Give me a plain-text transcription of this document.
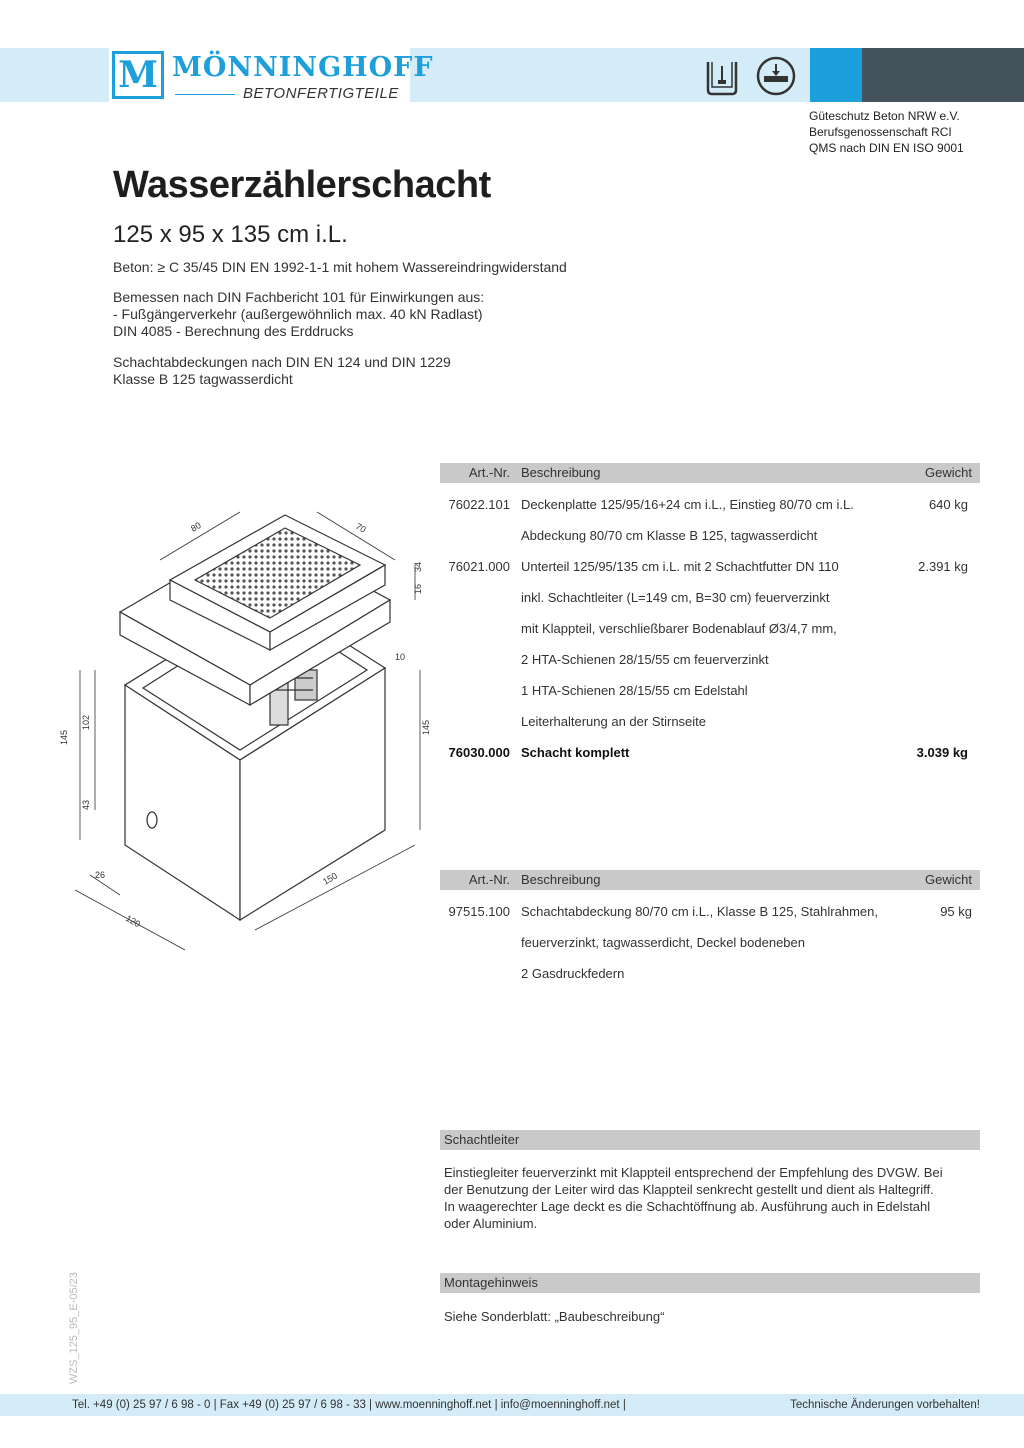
M MÖNNINGHOFF
BETONFERTIGTEILE
Güteschutz Beton NRW e.V.
Berufsgenossenschaft RCI
QMS nach DIN EN ISO 9001
Wasserzählerschacht
125 x 95 x 135 cm i.L.
Beton: ≥ C 35/45 DIN EN 1992-1-1 mit hohem Wassereindringwiderstand
Bemessen nach DIN Fachbericht 101 für Einwirkungen aus:
- Fußgängerverkehr (außergewöhnlich max. 40 kN Radlast)
DIN 4085 - Berechnung des Erddrucks
Schachtabdeckungen nach DIN EN 124 und DIN 1229
Klasse B 125 tagwasserdicht
80	70
34
16
10
145
102
43
145
26	150
120
Art.-Nr. Beschreibung	Gewicht
76022.101 Deckenplatte 125/95/16+24 cm i.L., Einstieg 80/70 cm i.L.	640 kg
Abdeckung 80/70 cm Klasse B 125, tagwasserdicht
76021.000 Unterteil 125/95/135 cm i.L. mit 2 Schachtfutter DN 110	2.391 kg
inkl. Schachtleiter (L=149 cm, B=30 cm) feuerverzinkt
mit Klappteil, verschließbarer Bodenablauf Ø3/4,7 mm,
2 HTA-Schienen 28/15/55 cm feuerverzinkt
1 HTA-Schienen 28/15/55 cm Edelstahl
Leiterhalterung an der Stirnseite
76030.000 Schacht komplett	3.039 kg
Art.-Nr. Beschreibung	Gewicht
97515.100 Schachtabdeckung 80/70 cm i.L., Klasse B 125, Stahlrahmen,	95 kg
feuerverzinkt, tagwasserdicht, Deckel bodeneben
2 Gasdruckfedern
Schachtleiter
Einstiegleiter feuerverzinkt mit Klappteil entsprechend der Empfehlung des DVGW. Bei
der Benutzung der Leiter wird das Klappteil senkrecht gestellt und dient als Haltegriff.
In waagerechter Lage deckt es die Schachtöffnung ab. Ausführung auch in Edelstahl
oder Aluminium.
Montagehinweis
Siehe Sonderblatt: „Baubeschreibung“
WZS_125_95_E-05/23
Tel. +49 (0) 25 97 / 6 98 - 0 | Fax +49 (0) 25 97 / 6 98 - 33 | www.moenninghoff.net | info@moenninghoff.net |	Technische Änderungen vorbehalten!
